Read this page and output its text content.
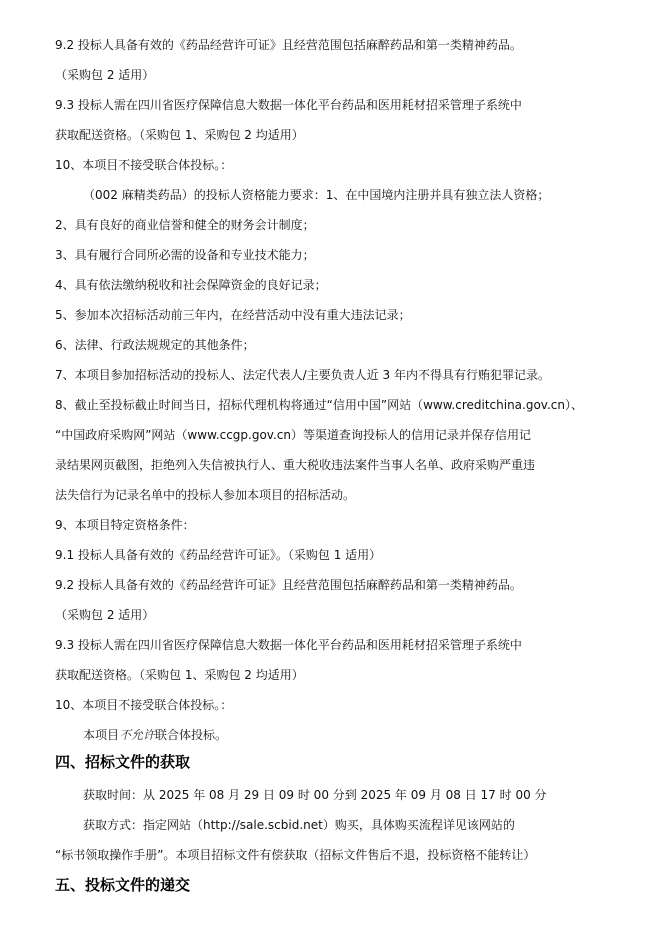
9.2 投标人具备有效的《药品经营许可证》且经营范围包括麻醉药品和第一类精神药品。
（采购包 2 适用）
9.3 投标人需在四川省医疗保障信息大数据一体化平台药品和医用耗材招采管理子系统中
获取配送资格。（采购包 1、采购包 2 均适用）
10、本项目不接受联合体投标。：
（002 麻精类药品）的投标人资格能力要求：1、在中国境内注册并具有独立法人资格；
2、具有良好的商业信誉和健全的财务会计制度；
3、具有履行合同所必需的设备和专业技术能力；
4、具有依法缴纳税收和社会保障资金的良好记录；
5、参加本次招标活动前三年内，在经营活动中没有重大违法记录；
6、法律、行政法规规定的其他条件；
7、本项目参加招标活动的投标人、法定代表人/主要负责人近 3 年内不得具有行贿犯罪记录。
8、截止至投标截止时间当日，招标代理机构将通过“信用中国”网站（www.creditchina.gov.cn）、
“中国政府采购网”网站（www.ccgp.gov.cn）等渠道查询投标人的信用记录并保存信用记
录结果网页截图，拒绝列入失信被执行人、重大税收违法案件当事人名单、政府采购严重违
法失信行为记录名单中的投标人参加本项目的招标活动。
9、本项目特定资格条件：
9.1 投标人具备有效的《药品经营许可证》。（采购包 1 适用）
9.2 投标人具备有效的《药品经营许可证》且经营范围包括麻醉药品和第一类精神药品。
（采购包 2 适用）
9.3 投标人需在四川省医疗保障信息大数据一体化平台药品和医用耗材招采管理子系统中
获取配送资格。（采购包 1、采购包 2 均适用）
10、本项目不接受联合体投标。：
本项目不允许联合体投标。
四、招标文件的获取
获取时间：从 2025 年 08 月 29 日 09 时 00 分到 2025 年 09 月 08 日 17 时 00 分
获取方式：指定网站（http://sale.scbid.net）购买，具体购买流程详见该网站的
“标书领取操作手册”。本项目招标文件有偿获取（招标文件售后不退，投标资格不能转让）
五、投标文件的递交
